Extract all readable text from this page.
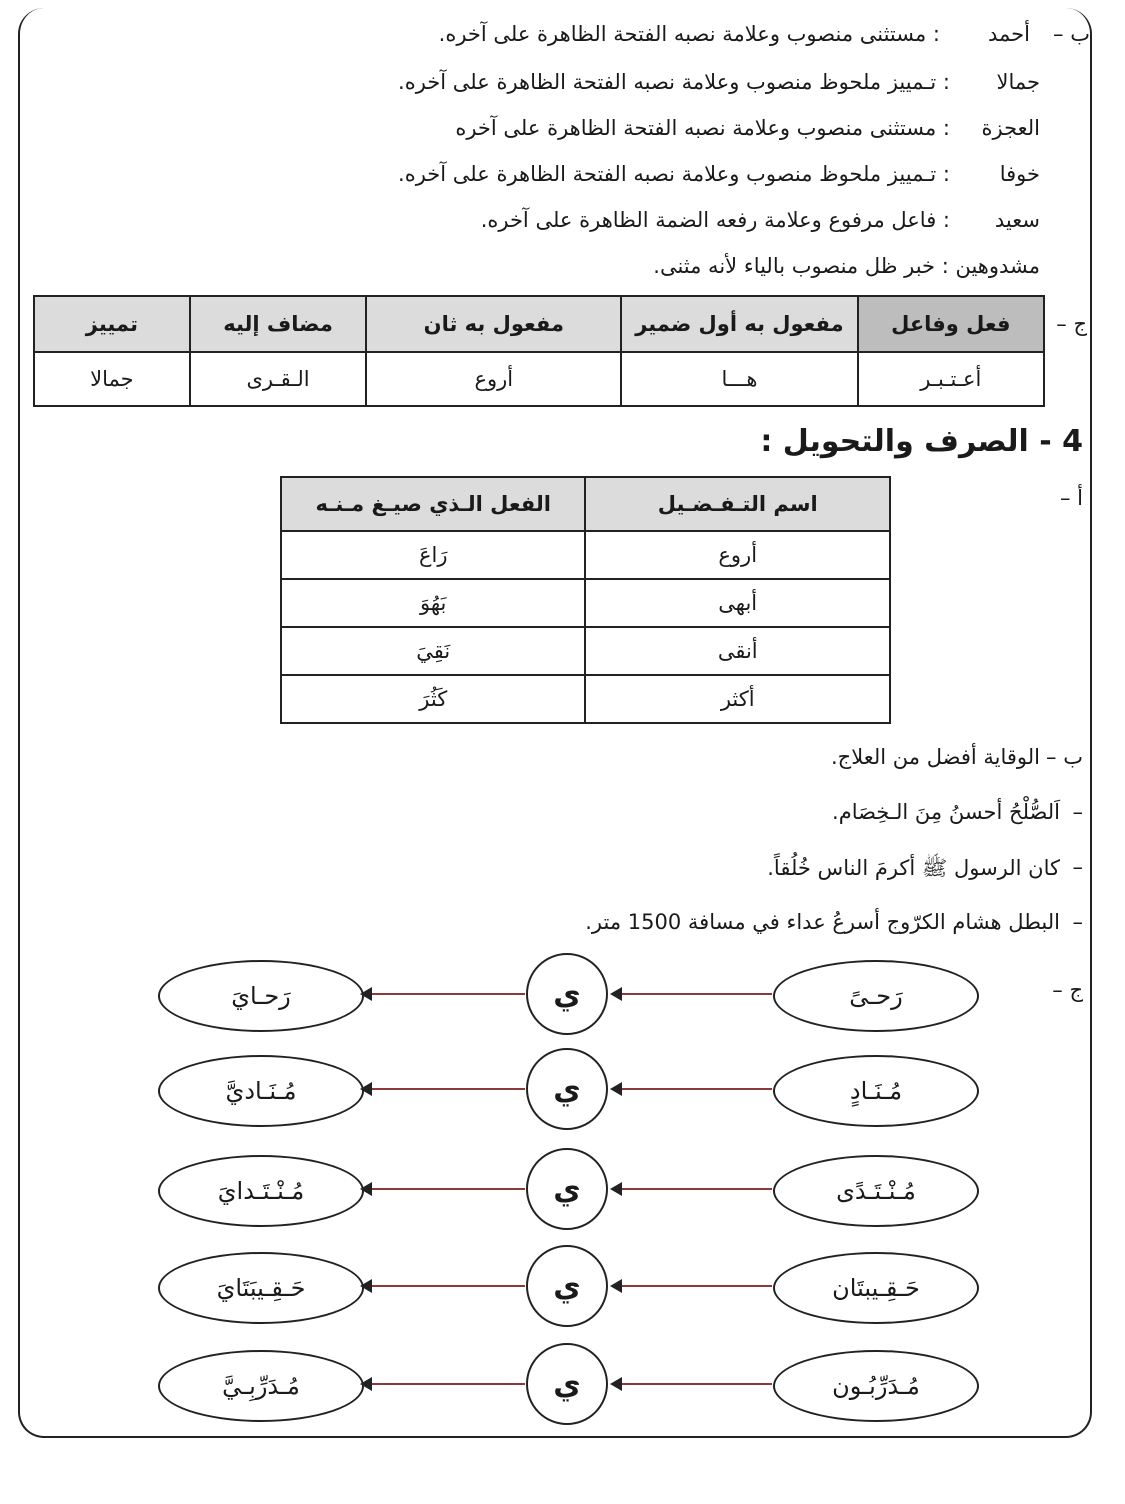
ب –
أحمد
: مستثنى منصوب وعلامة نصبه الفتحة الظاهرة على آخره.
جمالا
: تـمييز ملحوظ منصوب وعلامة نصبه الفتحة الظاهرة على آخره.
العجزة
: مستثنى منصوب وعلامة نصبه الفتحة الظاهرة على آخره
خوفا
: تـمييز ملحوظ منصوب وعلامة نصبه الفتحة الظاهرة على آخره.
سعيد
: فاعل مرفوع وعلامة رفعه الضمة الظاهرة على آخره.
مشدوهين : خبر ظل منصوب بالياء لأنه مثنى.
ج –
فعل وفاعل	مفعول به أول ضمير	مفعول به ثان	مضاف إليه	تمييز
أعـتـبـر	هـــا	أروع	الـقـرى	جمالا
4 - الصرف والتحويل :
أ –
اسم التـفـضـيل	الفعل الـذي صيـغ مـنـه
أروع	رَاعَ
أبهى	بَهُوَ
أنقى	نَقِيَ
أكثر	كَثُرَ
ب –
الوقاية أفضل من العلاج.
–
اَلصُّلْحُ أحسنُ مِنَ الـخِصَام.
–
كان الرسول ﷺ أكرمَ الناس خُلُقاً.
–
البطل هشام الكرّوج أسرعُ عداء في مسافة 1500 متر.
ج –
رَحـىً
ي
رَحـايَ
مُـنَـادٍ
ي
مُـنَـاديَّ
مُـنْـتَـدًى
ي
مُـنْـتَـدايَ
حَـقِـيبتَان
ي
حَـقِـيبَتَايَ
مُـدَرِّبُـون
ي
مُـدَرِّبِـيَّ
